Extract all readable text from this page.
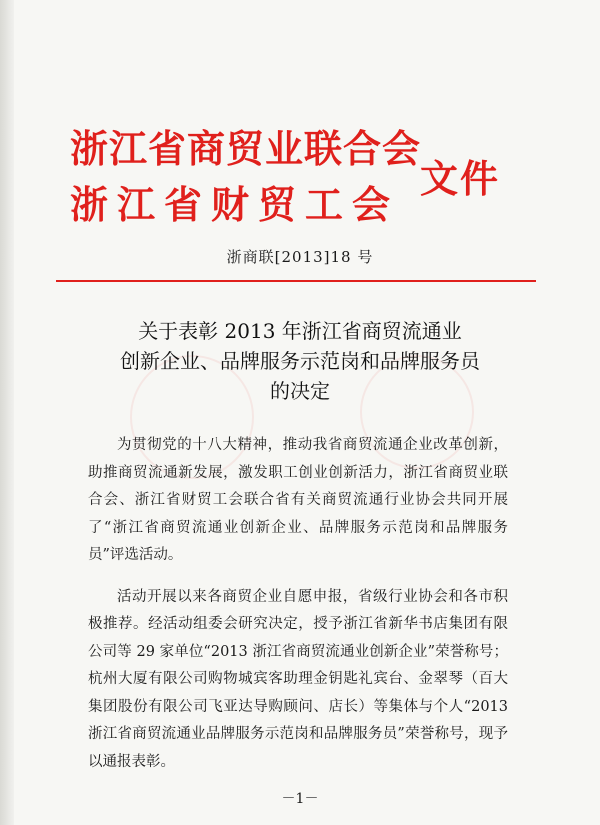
浙江省商贸业联合会
浙江省财贸工会
文件
浙商联[2013]18 号
关于表彰 2013 年浙江省商贸流通业
创新企业、品牌服务示范岗和品牌服务员
的决定

为贯彻党的十八大精神，推动我省商贸流通企业改革创新，助推商贸流通新发展，激发职工创业创新活力，浙江省商贸业联合会、浙江省财贸工会联合省有关商贸流通行业协会共同开展了“浙江省商贸流通业创新企业、品牌服务示范岗和品牌服务员”评选活动。

活动开展以来各商贸企业自愿申报，省级行业协会和各市积极推荐。经活动组委会研究决定，授予浙江省新华书店集团有限公司等 29 家单位“2013 浙江省商贸流通业创新企业”荣誉称号；杭州大厦有限公司购物城宾客助理金钥匙礼宾台、金翠琴（百大集团股份有限公司飞亚达导购顾问、店长）等集体与个人“2013 浙江省商贸流通业品牌服务示范岗和品牌服务员”荣誉称号，现予以通报表彰。

－1－
